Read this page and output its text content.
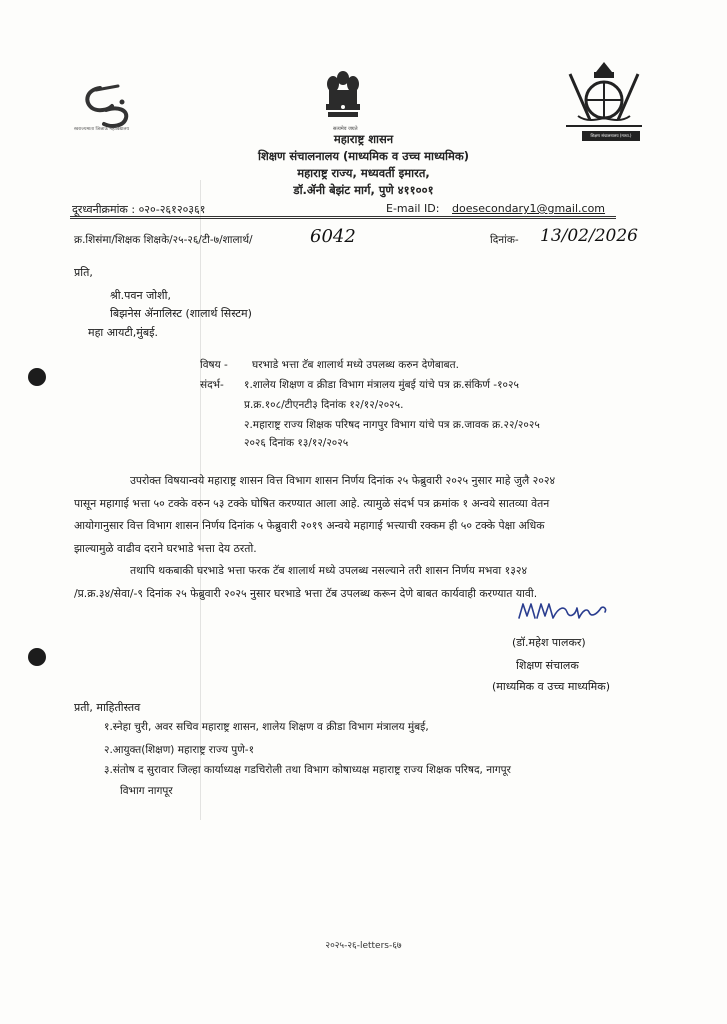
स्वराज्यमाता जिजाऊ महाविद्यालय	सत्यमेव जयते
शिक्षण संचालनालय (माध्य.)
महाराष्ट्र शासन
शिक्षण संचालनालय (माध्यमिक व उच्च माध्यमिक)
महाराष्ट्र राज्य, मध्यवर्ती इमारत,
डॉ.ॲनी बेझंट मार्ग, पुणे ४११००१
दूरध्वनीक्रमांक : ०२०-२६१२०३६१	E-mail ID: doesecondary1@gmail.com
क्र.शिसंमा/शिक्षक शिक्षके/२५-२६/टी-७/शालार्थ/	6042	दिनांक- 13/02/2026
प्रति,
श्री.पवन जोशी,
बिझनेस ॲनालिस्ट (शालार्थ सिस्टम)
महा आयटी,मुंबई.
विषय - घरभाडे भत्ता टॅब शालार्थ मध्ये उपलब्ध करुन देणेबाबत.
संदर्भ- १.शालेय शिक्षण व क्रीडा विभाग मंत्रालय मुंबई यांचे पत्र क्र.संकिर्ण -१०२५
प्र.क्र.१०८/टीएनटी३ दिनांक १२/१२/२०२५.
२.महाराष्ट्र राज्य शिक्षक परिषद नागपुर विभाग यांचे पत्र क्र.जावक क्र.२२/२०२५
२०२६ दिनांक १३/१२/२०२५
उपरोक्त विषयान्वये महाराष्ट्र शासन वित्त विभाग शासन निर्णय दिनांक २५ फेब्रुवारी २०२५ नुसार माहे जुलै २०२४
पासून महागाई भत्ता ५० टक्के वरुन ५३ टक्के घोषित करण्यात आला आहे. त्यामुळे संदर्भ पत्र क्रमांक १ अन्वये सातव्या वेतन
आयोगानुसार वित्त विभाग शासन निर्णय दिनांक ५ फेब्रुवारी २०१९ अन्वये महागाई भत्त्याची रक्कम ही ५० टक्के पेक्षा अधिक
झाल्यामुळे वाढीव दराने घरभाडे भत्ता देय ठरतो.
तथापि थकबाकी घरभाडे भत्ता फरक टॅब शालार्थ मध्ये उपलब्ध नसल्याने तरी शासन निर्णय मभवा १३२४
/प्र.क्र.३४/सेवा/-९ दिनांक २५ फेब्रुवारी २०२५ नुसार घरभाडे भत्ता टॅब उपलब्ध करून देणे बाबत कार्यवाही करण्यात यावी.
(डॉ.महेश पालकर)
शिक्षण संचालक
(माध्यमिक व उच्च माध्यमिक)
प्रती, माहितीस्तव
१.स्नेहा चुरी, अवर सचिव महाराष्ट्र शासन, शालेय शिक्षण व क्रीडा विभाग मंत्रालय मुंबई,
२.आयुक्त(शिक्षण) महाराष्ट्र राज्य पुणे-१
३.संतोष द सुरावार जिल्हा कार्याध्यक्ष गडचिरोली तथा विभाग कोषाध्यक्ष महाराष्ट्र राज्य शिक्षक परिषद, नागपूर
विभाग नागपूर
२०२५-२६-letters-६७
